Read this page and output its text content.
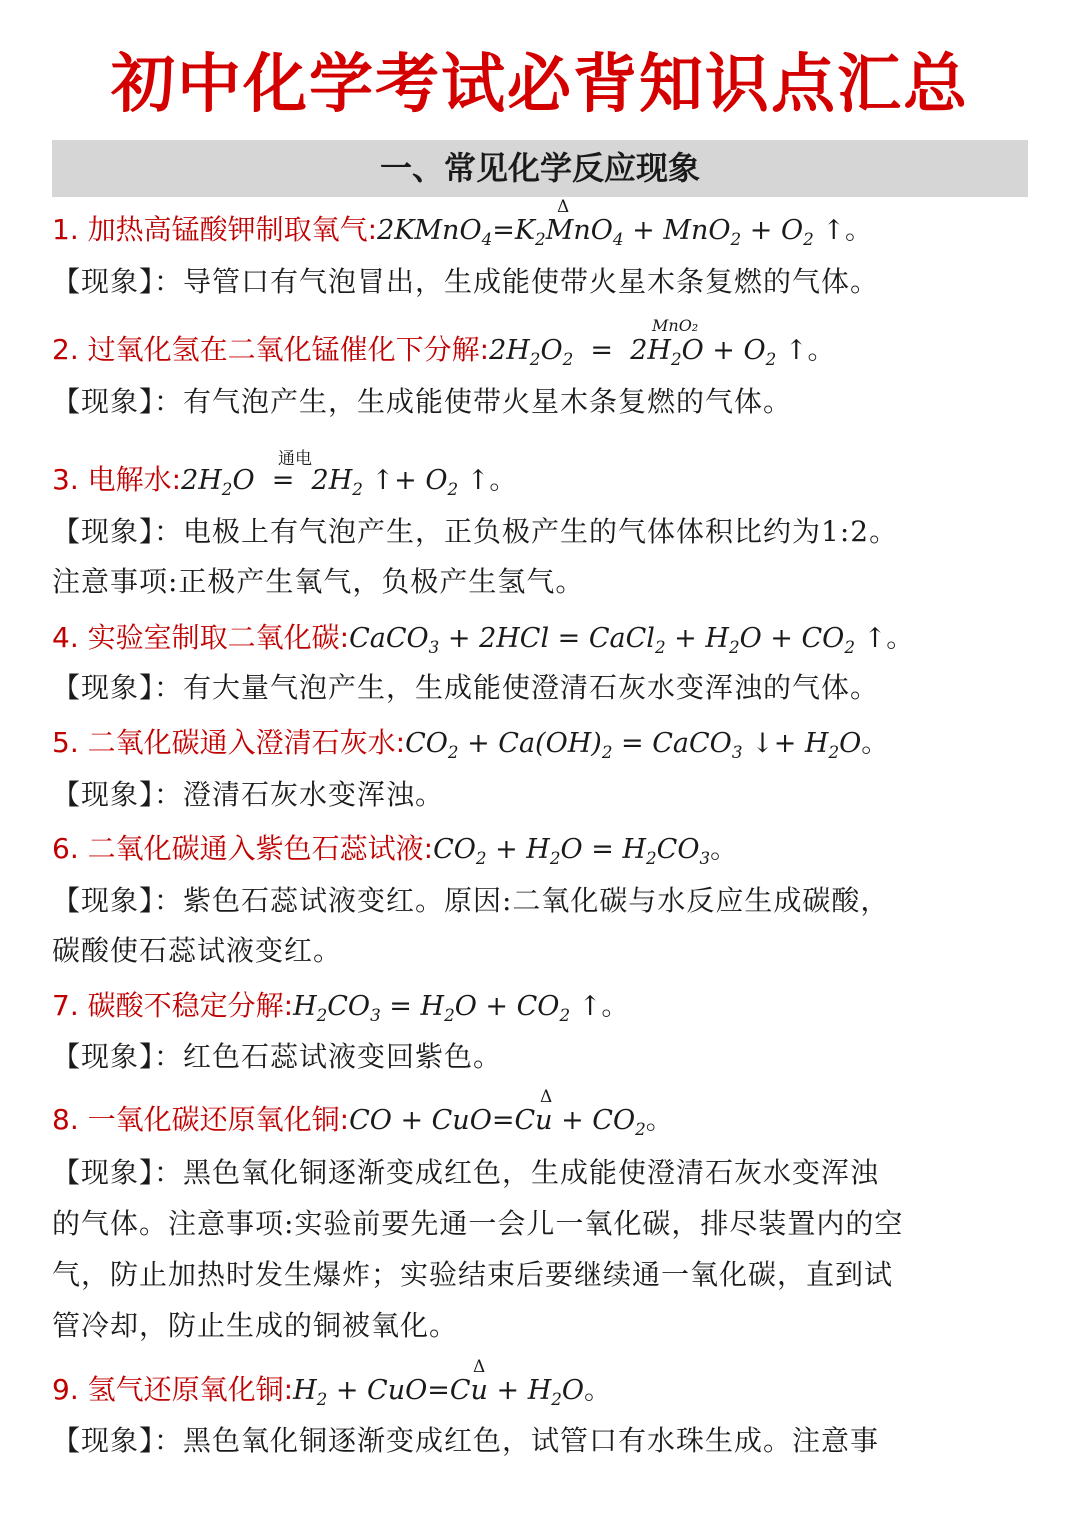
初中化学考试必背知识点汇总
一、常见化学反应现象
1. 加热高锰酸钾制取氧气$:2KMnO_4=K_2MnO_4 + MnO_2 + O_2$ ↑。
Δ
【现象】：导管口有气泡冒出，生成能使带火星木条复燃的气体。
2. 过氧化氢在二氧化锰催化下分解$:2H_2O_2 = 2H_2O + O_2$ ↑。
MnO₂
【现象】：有气泡产生，生成能使带火星木条复燃的气体。
3. 电解水$:2H_2O = 2H_2$ ↑+ $O_2$ ↑。
通电
【现象】：电极上有气泡产生，正负极产生的气体体积比约为1:2。
注意事项:正极产生氧气，负极产生氢气。
4. 实验室制取二氧化碳:CaCO$_3$ + 2HCl = CaCl$_2$ + $H_2O + CO_2$ ↑。
【现象】：有大量气泡产生，生成能使澄清石灰水变浑浊的气体。
5. 二氧化碳通入澄清石灰水$:CO_2 + Ca(OH)_2$ = CaCO$_3$ ↓+ $H_2O$。
【现象】：澄清石灰水变浑浊。
6. 二氧化碳通入紫色石蕊试液$:CO_2 + H_2O = H_2CO_3$。
【现象】：紫色石蕊试液变红。原因:二氧化碳与水反应生成碳酸，
碳酸使石蕊试液变红。
7. 碳酸不稳定分解$:H_2CO_3 = H_2O + CO_2$ ↑。
【现象】：红色石蕊试液变回紫色。
8. 一氧化碳还原氧化铜:CO + $CuO=Cu + CO_2$。
Δ
【现象】：黑色氧化铜逐渐变成红色，生成能使澄清石灰水变浑浊
的气体。注意事项:实验前要先通一会儿一氧化碳，排尽装置内的空
气，防止加热时发生爆炸；实验结束后要继续通一氧化碳，直到试
管冷却，防止生成的铜被氧化。
9. 氢气还原氧化铜$:H_2 + CuO=Cu + H_2O$。
Δ
【现象】：黑色氧化铜逐渐变成红色，试管口有水珠生成。注意事
